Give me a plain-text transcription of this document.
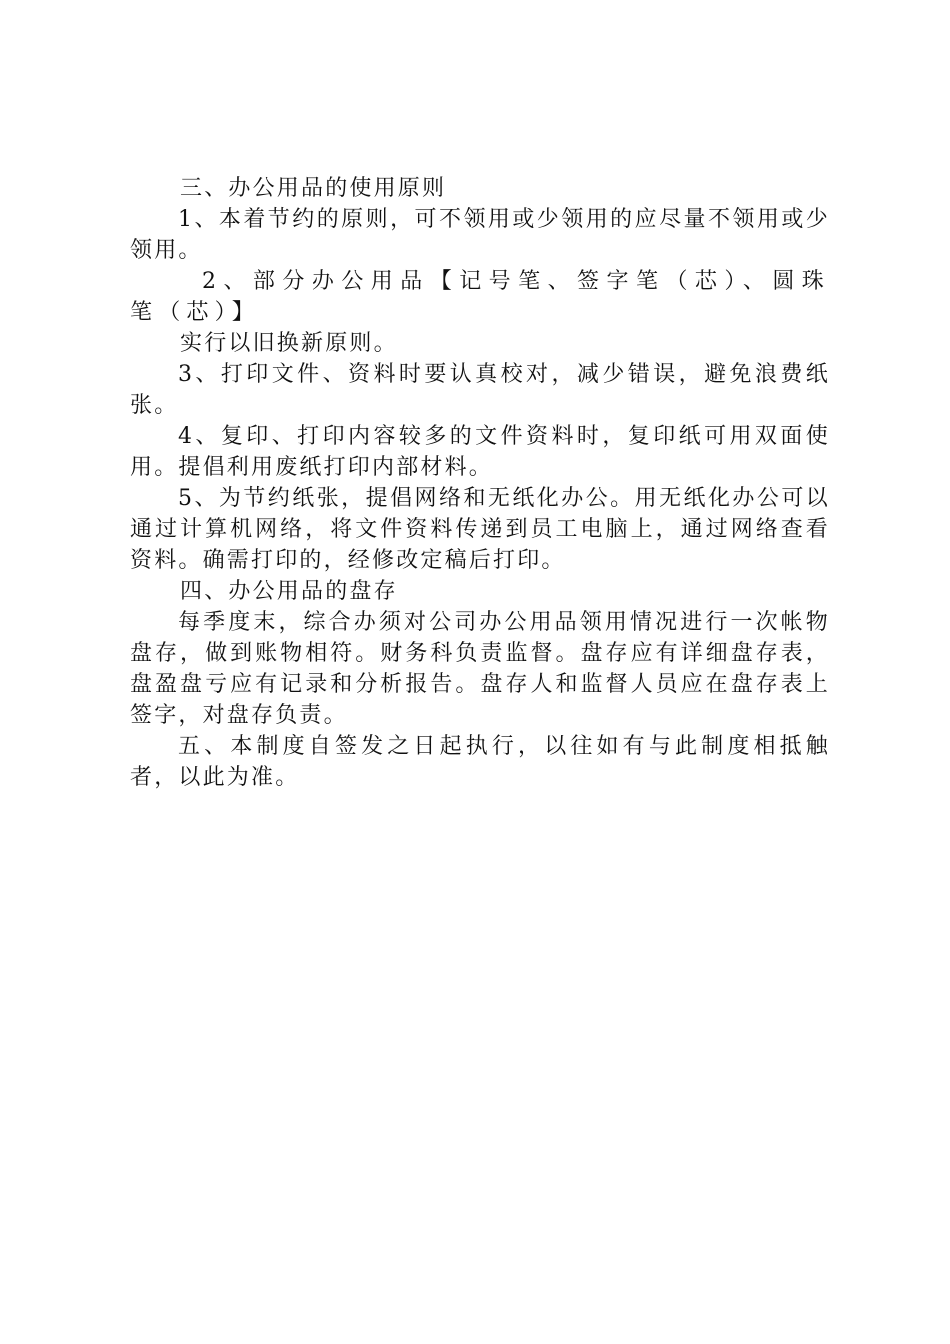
三、办公用品的使用原则

1、本着节约的原则，可不领用或少领用的应尽量不领用或少领用。

2、部分办公用品【记号笔、签字笔（芯）、圆珠笔（芯）】

实行以旧换新原则。

3、打印文件、资料时要认真校对，减少错误，避免浪费纸张。

4、复印、打印内容较多的文件资料时，复印纸可用双面使用。提倡利用废纸打印内部材料。

5、为节约纸张，提倡网络和无纸化办公。用无纸化办公可以通过计算机网络，将文件资料传递到员工电脑上，通过网络查看资料。确需打印的，经修改定稿后打印。

四、办公用品的盘存

每季度末，综合办须对公司办公用品领用情况进行一次帐物盘存，做到账物相符。财务科负责监督。盘存应有详细盘存表，盘盈盘亏应有记录和分析报告。盘存人和监督人员应在盘存表上签字，对盘存负责。

五、本制度自签发之日起执行，以往如有与此制度相抵触者，以此为准。
